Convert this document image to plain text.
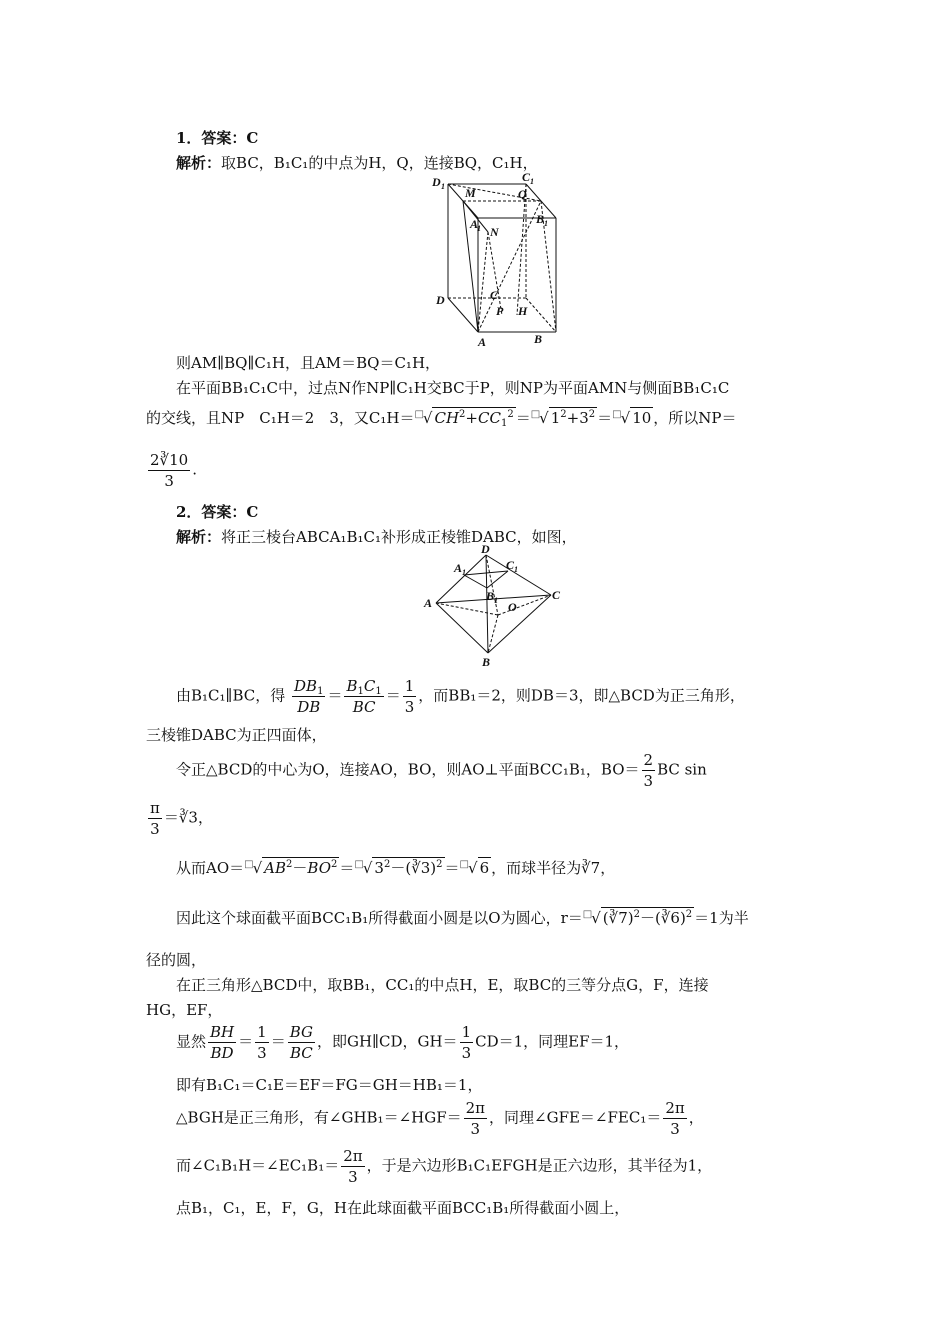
1．答案：C
解析：取BC，B₁C₁的中点为H，Q，连接BQ，C₁H，
D 1
C 1
M	Q
B 1
A
1 N
D	C
P H
A	B
则AM∥BQ∥C₁H，且AM＝BQ＝C₁H，
在平面BB₁C₁C中，过点N作NP∥C₁H交BC于P，则NP为平面AMN与侧面BB₁C₁C
的交线，且NP　C₁H＝2　3，又C₁H＝□√ $CH^2+CC_1^2$ ＝□√ $1^2+3^2$ ＝□√ 10 ，所以NP＝
$\frac{2∛10}{3}$ .
2．答案：C
解析：将正三棱台ABCA₁B₁C₁补形成正棱锥DABC，如图，
D
A 1
C 1
B 1
A	O
C
B
由B₁C₁∥BC，得 $\frac{DB_1}{DB} = \frac{B_1C_1}{BC} = \frac{1}{3}$ ，而BB₁＝2，则DB＝3，即△BCD为正三角形，
三棱锥DABC为正四面体，
令正△BCD的中心为O，连接AO，BO，则AO⊥平面BCC₁B₁，$BO= \frac{2}{3}$ BC sin
$\frac{\pi}{3}$ ＝∛3，
从而AO＝□√ $AB^2-BO^2$ ＝□√ $3^2-(∛3)^2$ ＝□√ 6 ，而球半径为∛7，
因此这个球面截平面BCC₁B₁所得截面小圆是以O为圆心，r＝□√ (∛7)$^2$－(∛6)$^2$ ＝1为半
径的圆，
在正三角形△BCD中，取BB₁，CC₁的中点H，E，取BC的三等分点G，F，连接
HG，EF，
显然 $\frac{BH}{BD} = \frac{1}{3} = \frac{BG}{BC}$ ，即GH∥CD，$GH= \frac{1}{3} CD=1$，同理EF＝1，
即有B₁C₁＝C₁E＝EF＝FG＝GH＝HB₁＝1，
△BGH是正三角形，有∠GHB₁＝∠HGF＝ $\frac{2\pi}{3}$ ，同理∠GFE＝∠FEC₁＝ $\frac{2\pi}{3}$ ，
而∠C₁B₁H＝∠EC₁B₁＝ $\frac{2\pi}{3}$ ，于是六边形B₁C₁EFGH是正六边形，其半径为1，
点B₁，C₁，E，F，G，H在此球面截平面BCC₁B₁所得截面小圆上，
